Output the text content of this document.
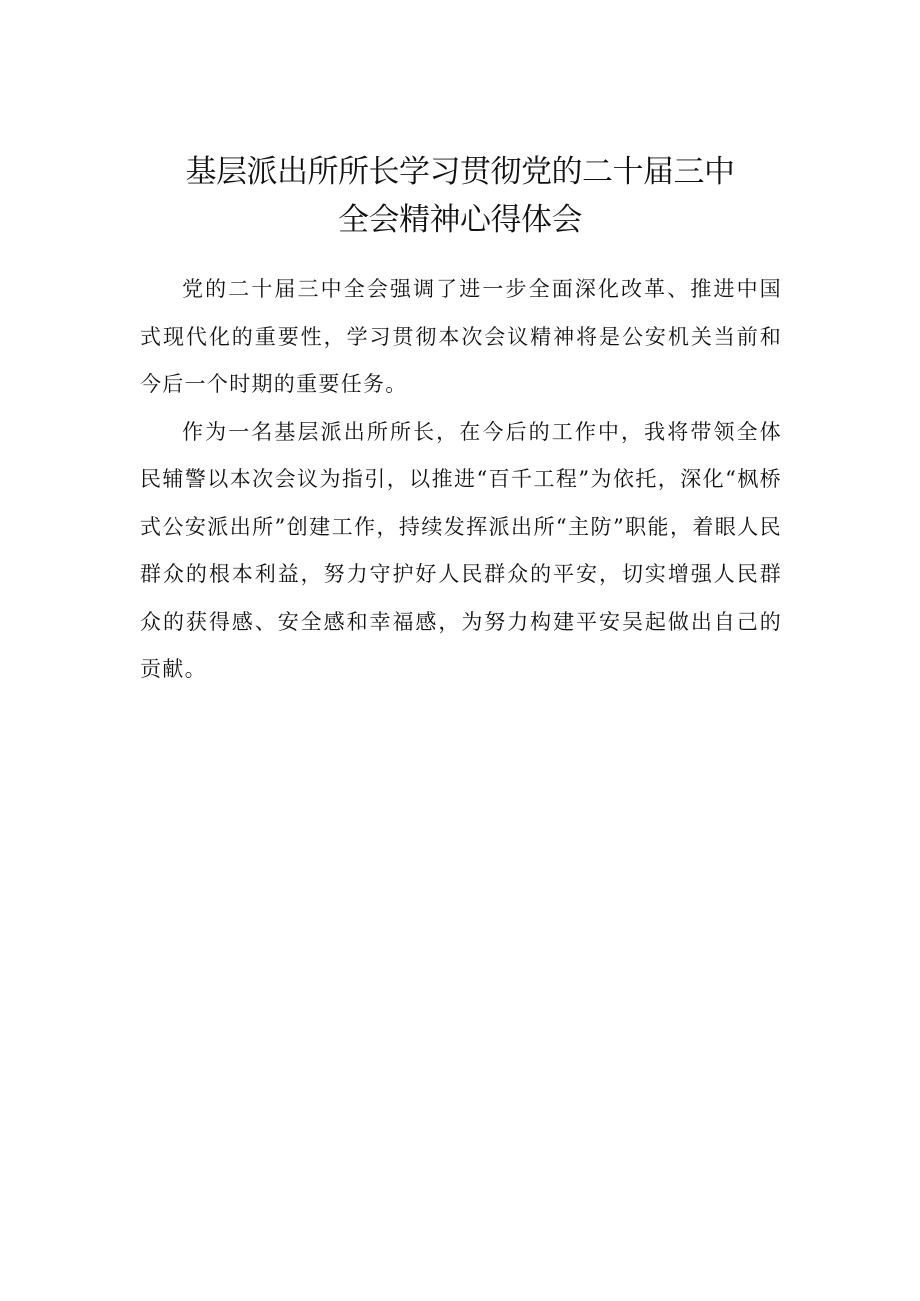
基层派出所所长学习贯彻党的二十届三中
全会精神心得体会

党的二十届三中全会强调了进一步全面深化改革、推进中国式现代化的重要性，学习贯彻本次会议精神将是公安机关当前和今后一个时期的重要任务。

作为一名基层派出所所长，在今后的工作中，我将带领全体民辅警以本次会议为指引，以推进“百千工程”为依托，深化“枫桥式公安派出所”创建工作，持续发挥派出所“主防”职能，着眼人民群众的根本利益，努力守护好人民群众的平安，切实增强人民群众的获得感、安全感和幸福感，为努力构建平安吴起做出自己的贡献。
